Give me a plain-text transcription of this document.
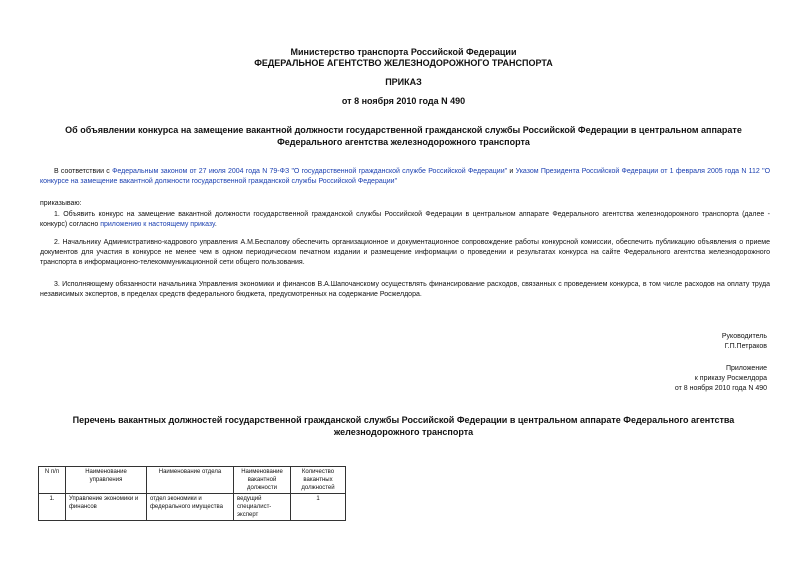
Министерство транспорта Российской Федерации
ФЕДЕРАЛЬНОЕ АГЕНТСТВО ЖЕЛЕЗНОДОРОЖНОГО ТРАНСПОРТА
ПРИКАЗ
от 8 ноября 2010 года N 490
Об объявлении конкурса на замещение вакантной должности государственной гражданской службы Российской Федерации в центральном аппарате
Федерального агентства железнодорожного транспорта
В соответствии с Федеральным законом от 27 июля 2004 года N 79-ФЗ "О государственной гражданской службе Российской Федерации" и Указом Президента Российской Федерации от 1 февраля 2005 года N 112 "О конкурсе на замещение вакантной должности государственной гражданской службы Российской Федерации"
приказываю:
1. Объявить конкурс на замещение вакантной должности государственной гражданской службы Российской Федерации в центральном аппарате Федерального агентства железнодорожного транспорта (далее - конкурс) согласно приложению к настоящему приказу.
2. Начальнику Административно-кадрового управления А.М.Беспалову обеспечить организационное и документационное сопровождение работы конкурсной комиссии, обеспечить публикацию объявления о приеме документов для участия в конкурсе не менее чем в одном периодическом печатном издании и размещение информации о проведении и результатах конкурса на сайте Федерального агентства железнодорожного транспорта в информационно-телекоммуникационной сети общего пользования.
3. Исполняющему обязанности начальника Управления экономики и финансов В.А.Шапочанскому осуществлять финансирование расходов, связанных с проведением конкурса, в том числе расходов на оплату труда независимых экспертов, в пределах средств федерального бюджета, предусмотренных на содержание Росжелдора.
Руководитель
Г.П.Петраков
Приложение
к приказу Росжелдора
от 8 ноября 2010 года N 490
Перечень вакантных должностей государственной гражданской службы Российской Федерации в центральном аппарате Федерального агентства
железнодорожного транспорта
N п/п	Наименование управления	Наименование отдела	Наименование вакантной должности	Количество вакантных должностей
1.	Управление экономики и финансов	отдел экономики и федерального имущества	ведущий специалист-эксперт	1
